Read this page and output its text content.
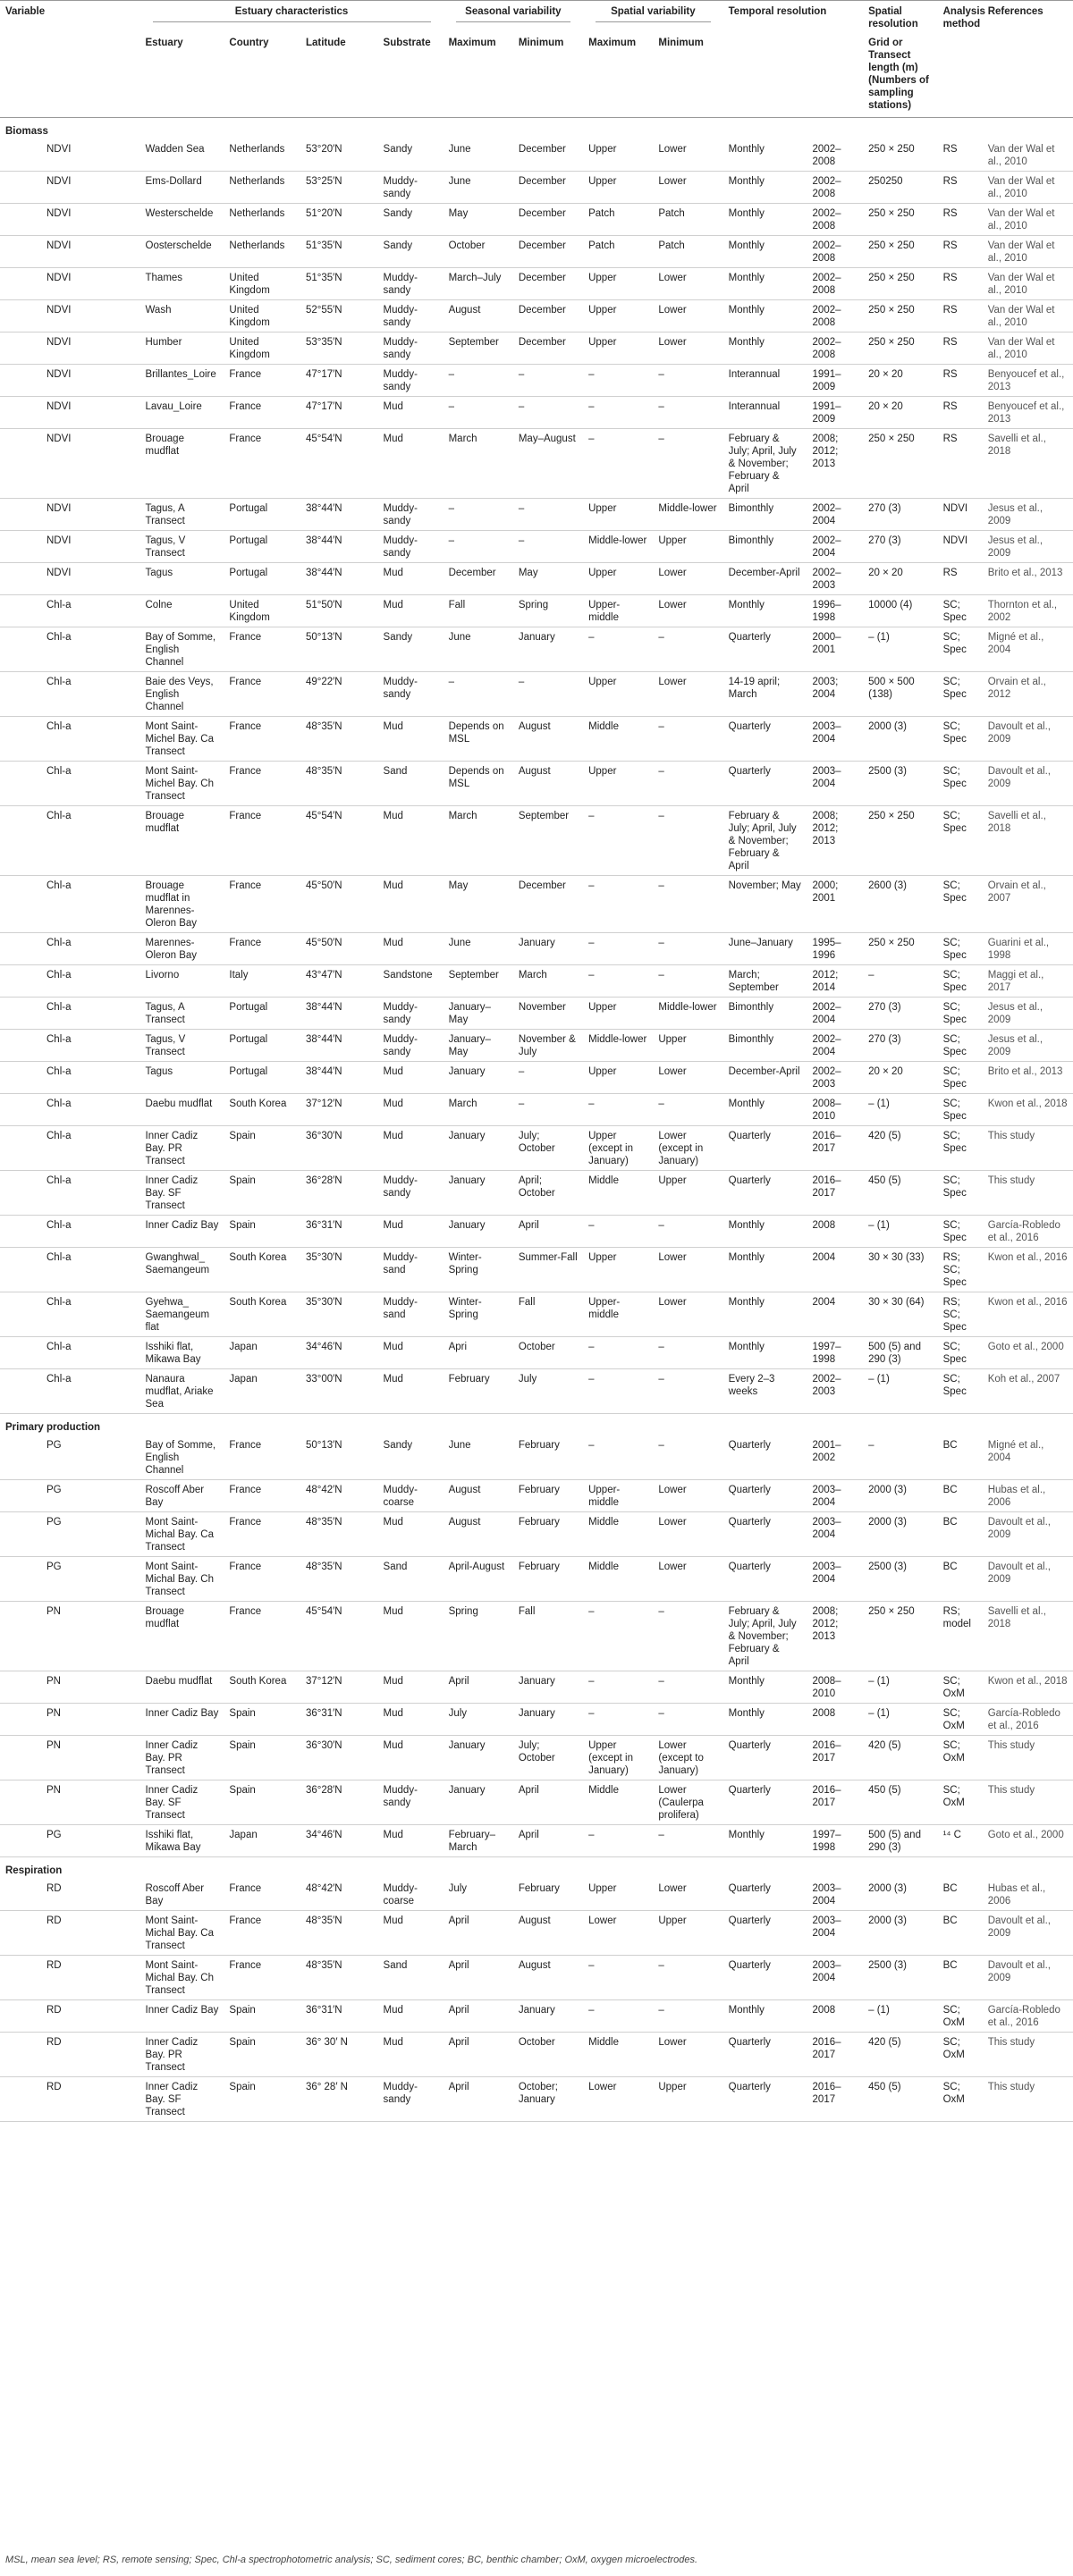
Variable	Estuary characteristics				Seasonal variability		Spatial variability		Temporal resolution		Spatial resolution	Analysis method	References
	Estuary	Country	Latitude	Substrate	Maximum	Minimum	Maximum	Minimum			Grid or Transect length (m) (Numbers of sampling stations)		
Biomass													
NDVI	Wadden Sea	Netherlands	53°20′N	Sandy	June	December	Upper	Lower	Monthly	2002–2008	250 × 250	RS	Van der Wal et al., 2010
NDVI	Ems-Dollard	Netherlands	53°25′N	Muddy-sandy	June	December	Upper	Lower	Monthly	2002–2008	250250	RS	Van der Wal et al., 2010
NDVI	Westerschelde	Netherlands	51°20′N	Sandy	May	December	Patch	Patch	Monthly	2002–2008	250 × 250	RS	Van der Wal et al., 2010
NDVI	Oosterschelde	Netherlands	51°35′N	Sandy	October	December	Patch	Patch	Monthly	2002–2008	250 × 250	RS	Van der Wal et al., 2010
NDVI	Thames	United Kingdom	51°35′N	Muddy-sandy	March–July	December	Upper	Lower	Monthly	2002–2008	250 × 250	RS	Van der Wal et al., 2010
NDVI	Wash	United Kingdom	52°55′N	Muddy-sandy	August	December	Upper	Lower	Monthly	2002–2008	250 × 250	RS	Van der Wal et al., 2010
NDVI	Humber	United Kingdom	53°35′N	Muddy-sandy	September	December	Upper	Lower	Monthly	2002–2008	250 × 250	RS	Van der Wal et al., 2010
NDVI	Brillantes_Loire	France	47°17′N	Muddy-sandy	–	–	–	–	Interannual	1991–2009	20 × 20	RS	Benyoucef et al., 2013
NDVI	Lavau_Loire	France	47°17′N	Mud	–	–	–	–	Interannual	1991–2009	20 × 20	RS	Benyoucef et al., 2013
NDVI	Brouage mudflat	France	45°54′N	Mud	March	May–August	–	–	February & July; April, July & November; February & April	2008; 2012; 2013	250 × 250	RS	Savelli et al., 2018
NDVI	Tagus, A Transect	Portugal	38°44′N	Muddy-sandy	–	–	Upper	Middle-lower	Bimonthly	2002–2004	270 (3)	NDVI	Jesus et al., 2009
NDVI	Tagus, V Transect	Portugal	38°44′N	Muddy-sandy	–	–	Middle-lower	Upper	Bimonthly	2002–2004	270 (3)	NDVI	Jesus et al., 2009
NDVI	Tagus	Portugal	38°44′N	Mud	December	May	Upper	Lower	December-April	2002–2003	20 × 20	RS	Brito et al., 2013
Chl-a	Colne	United Kingdom	51°50′N	Mud	Fall	Spring	Upper-middle	Lower	Monthly	1996–1998	10000 (4)	SC; Spec	Thornton et al., 2002
Chl-a	Bay of Somme, English Channel	France	50°13′N	Sandy	June	January	–	–	Quarterly	2000–2001	– (1)	SC; Spec	Migné et al., 2004
Chl-a	Baie des Veys, English Channel	France	49°22′N	Muddy-sandy	–	–	Upper	Lower	14-19 april; March	2003; 2004	500 × 500 (138)	SC; Spec	Orvain et al., 2012
Chl-a	Mont Saint-Michel Bay. Ca Transect	France	48°35′N	Mud	Depends on MSL	August	Middle	–	Quarterly	2003–2004	2000 (3)	SC; Spec	Davoult et al., 2009
Chl-a	Mont Saint-Michel Bay. Ch Transect	France	48°35′N	Sand	Depends on MSL	August	Upper	–	Quarterly	2003–2004	2500 (3)	SC; Spec	Davoult et al., 2009
Chl-a	Brouage mudflat	France	45°54′N	Mud	March	September	–	–	February & July; April, July & November; February & April	2008; 2012; 2013	250 × 250	SC; Spec	Savelli et al., 2018
Chl-a	Brouage mudflat in Marennes-Oleron Bay	France	45°50′N	Mud	May	December	–	–	November; May	2000; 2001	2600 (3)	SC; Spec	Orvain et al., 2007
Chl-a	Marennes-Oleron Bay	France	45°50′N	Mud	June	January	–	–	June–January	1995–1996	250 × 250	SC; Spec	Guarini et al., 1998
Chl-a	Livorno	Italy	43°47′N	Sandstone	September	March	–	–	March; September	2012; 2014	–	SC; Spec	Maggi et al., 2017
Chl-a	Tagus, A Transect	Portugal	38°44′N	Muddy-sandy	January–May	November	Upper	Middle-lower	Bimonthly	2002–2004	270 (3)	SC; Spec	Jesus et al., 2009
Chl-a	Tagus, V Transect	Portugal	38°44′N	Muddy-sandy	January–May	November & July	Middle-lower	Upper	Bimonthly	2002–2004	270 (3)	SC; Spec	Jesus et al., 2009
Chl-a	Tagus	Portugal	38°44′N	Mud	January	–	Upper	Lower	December-April	2002–2003	20 × 20	SC; Spec	Brito et al., 2013
Chl-a	Daebu mudflat	South Korea	37°12′N	Mud	March	–	–	–	Monthly	2008–2010	– (1)	SC; Spec	Kwon et al., 2018
Chl-a	Inner Cadiz Bay. PR Transect	Spain	36°30′N	Mud	January	July; October	Upper (except in January)	Lower (except in January)	Quarterly	2016–2017	420 (5)	SC; Spec	This study
Chl-a	Inner Cadiz Bay. SF Transect	Spain	36°28′N	Muddy-sandy	January	April; October	Middle	Upper	Quarterly	2016–2017	450 (5)	SC; Spec	This study
Chl-a	Inner Cadiz Bay	Spain	36°31′N	Mud	January	April	–	–	Monthly	2008	– (1)	SC; Spec	García-Robledo et al., 2016
Chl-a	Gwanghwal_ Saemangeum	South Korea	35°30′N	Muddy-sand	Winter-Spring	Summer-Fall	Upper	Lower	Monthly	2004	30 × 30 (33)	RS; SC; Spec	Kwon et al., 2016
Chl-a	Gyehwa_ Saemangeum flat	South Korea	35°30′N	Muddy-sand	Winter-Spring	Fall	Upper-middle	Lower	Monthly	2004	30 × 30 (64)	RS; SC; Spec	Kwon et al., 2016
Chl-a	Isshiki flat, Mikawa Bay	Japan	34°46′N	Mud	Apri	October	–	–	Monthly	1997–1998	500 (5) and 290 (3)	SC; Spec	Goto et al., 2000
Chl-a	Nanaura mudflat, Ariake Sea	Japan	33°00′N	Mud	February	July	–	–	Every 2–3 weeks	2002–2003	– (1)	SC; Spec	Koh et al., 2007
Primary production													
PG	Bay of Somme, English Channel	France	50°13′N	Sandy	June	February	–	–	Quarterly	2001–2002	–	BC	Migné et al., 2004
PG	Roscoff Aber Bay	France	48°42′N	Muddy-coarse	August	February	Upper-middle	Lower	Quarterly	2003–2004	2000 (3)	BC	Hubas et al., 2006
PG	Mont Saint-Michal Bay. Ca Transect	France	48°35′N	Mud	August	February	Middle	Lower	Quarterly	2003–2004	2000 (3)	BC	Davoult et al., 2009
PG	Mont Saint-Michal Bay. Ch Transect	France	48°35′N	Sand	April-August	February	Middle	Lower	Quarterly	2003–2004	2500 (3)	BC	Davoult et al., 2009
PN	Brouage mudflat	France	45°54′N	Mud	Spring	Fall	–	–	February & July; April, July & November; February & April	2008; 2012; 2013	250 × 250	RS; model	Savelli et al., 2018
PN	Daebu mudflat	South Korea	37°12′N	Mud	April	January	–	–	Monthly	2008–2010	– (1)	SC; OxM	Kwon et al., 2018
PN	Inner Cadiz Bay	Spain	36°31′N	Mud	July	January	–	–	Monthly	2008	– (1)	SC; OxM	García-Robledo et al., 2016
PN	Inner Cadiz Bay. PR Transect	Spain	36°30′N	Mud	January	July; October	Upper (except in January)	Lower (except to January)	Quarterly	2016–2017	420 (5)	SC; OxM	This study
PN	Inner Cadiz Bay. SF Transect	Spain	36°28′N	Muddy-sandy	January	April	Middle	Lower (Caulerpa prolifera)	Quarterly	2016–2017	450 (5)	SC; OxM	This study
PG	Isshiki flat, Mikawa Bay	Japan	34°46′N	Mud	February–March	April	–	–	Monthly	1997–1998	500 (5) and 290 (3)	¹⁴ C	Goto et al., 2000
Respiration													
RD	Roscoff Aber Bay	France	48°42′N	Muddy-coarse	July	February	Upper	Lower	Quarterly	2003–2004	2000 (3)	BC	Hubas et al., 2006
RD	Mont Saint-Michal Bay. Ca Transect	France	48°35′N	Mud	April	August	Lower	Upper	Quarterly	2003–2004	2000 (3)	BC	Davoult et al., 2009
RD	Mont Saint-Michal Bay. Ch Transect	France	48°35′N	Sand	April	August	–	–	Quarterly	2003–2004	2500 (3)	BC	Davoult et al., 2009
RD	Inner Cadiz Bay	Spain	36°31′N	Mud	April	January	–	–	Monthly	2008	– (1)	SC; OxM	García-Robledo et al., 2016
RD	Inner Cadiz Bay. PR Transect	Spain	36° 30′ N	Mud	April	October	Middle	Lower	Quarterly	2016–2017	420 (5)	SC; OxM	This study
RD	Inner Cadiz Bay. SF Transect	Spain	36° 28′ N	Muddy-sandy	April	October; January	Lower	Upper	Quarterly	2016–2017	450 (5)	SC; OxM	This study
MSL, mean sea level; RS, remote sensing; Spec, Chl-a spectrophotometric analysis; SC, sediment cores; BC, benthic chamber; OxM, oxygen microelectrodes.
